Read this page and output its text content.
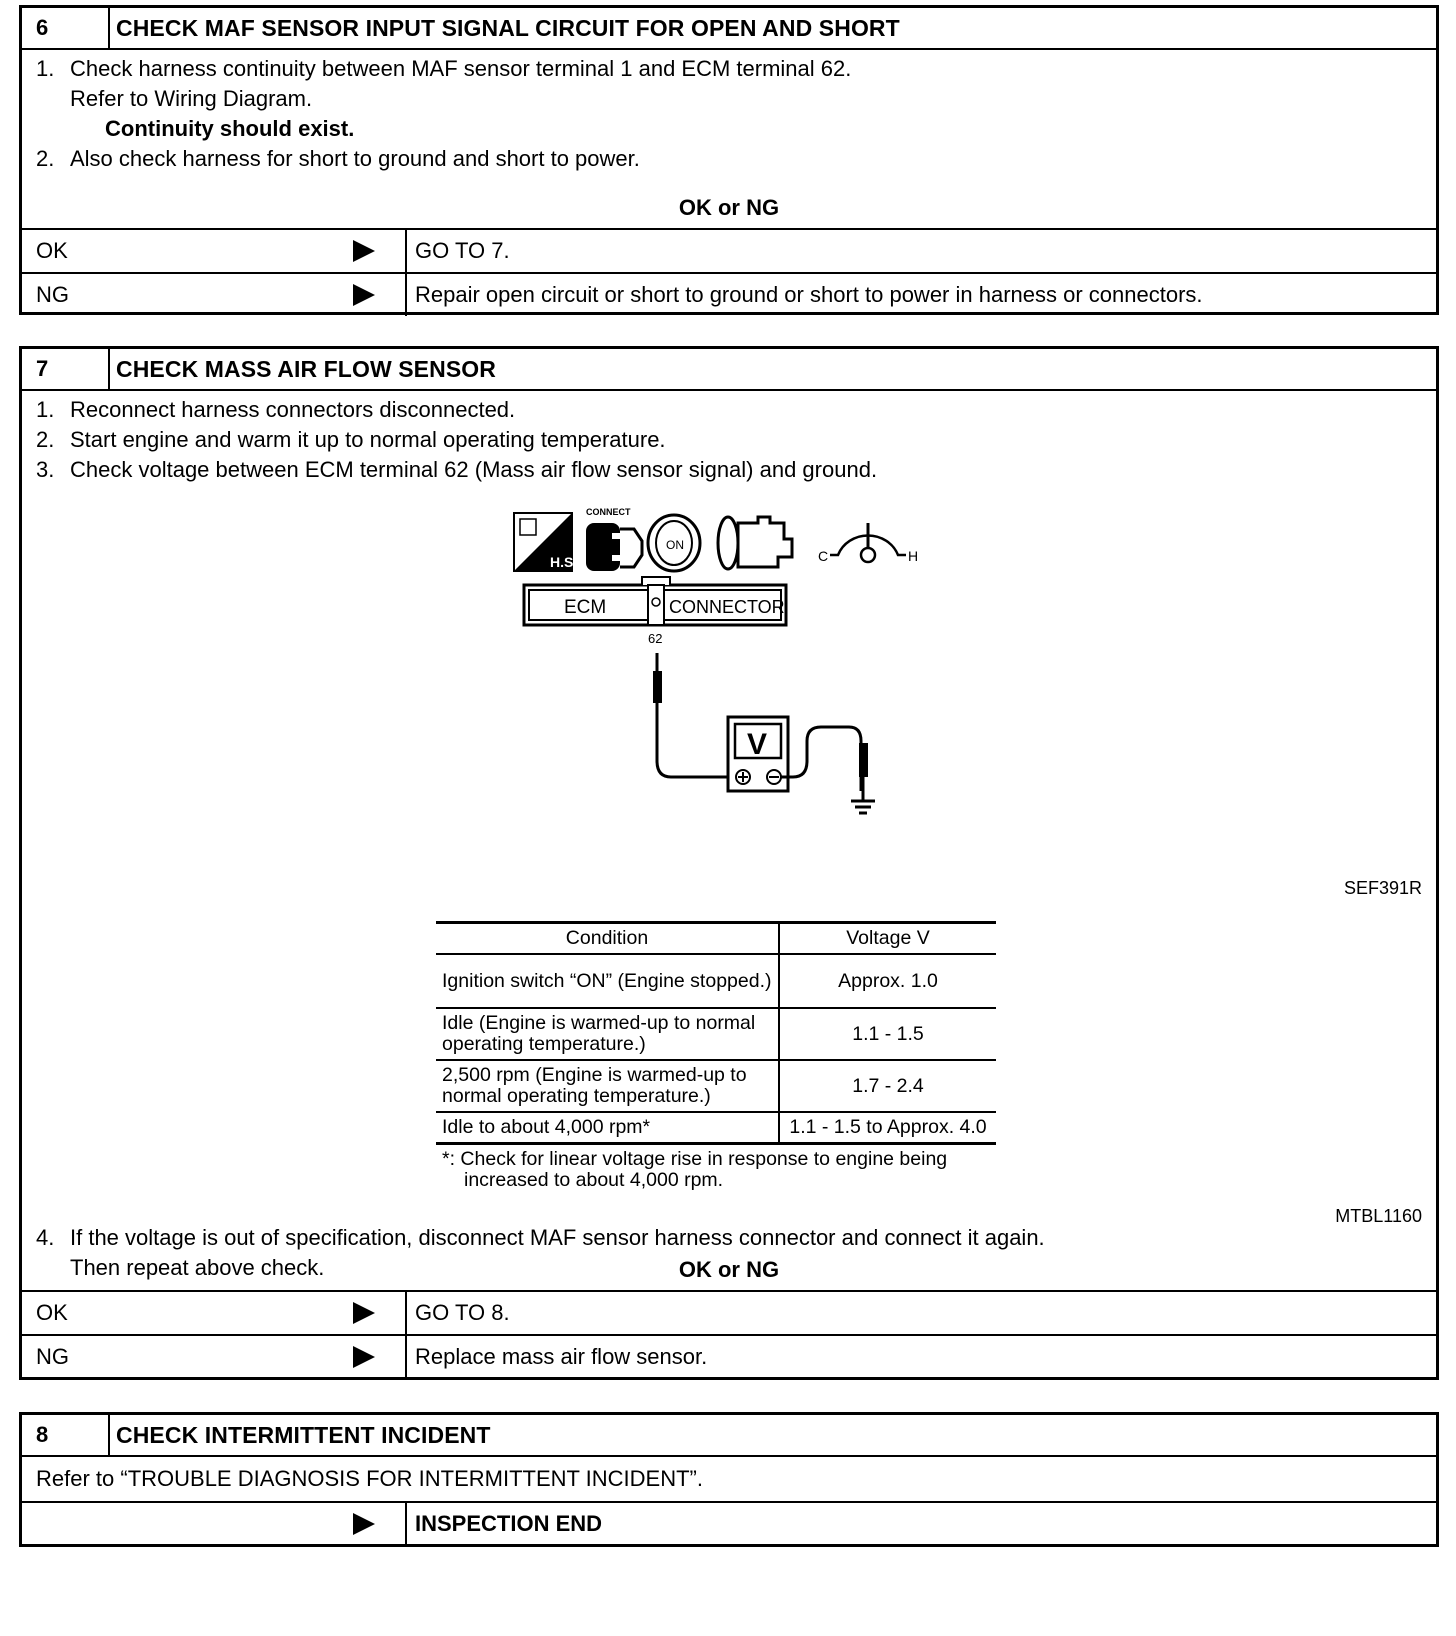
6	CHECK MAF SENSOR INPUT SIGNAL CIRCUIT FOR OPEN AND SHORT
1. Check harness continuity between MAF sensor terminal 1 and ECM terminal 62.
Refer to Wiring Diagram.
Continuity should exist.
2. Also check harness for short to ground and short to power.
OK or NG
OK	GO TO 7.
NG	Repair open circuit or short to ground or short to power in harness or connectors.
7	CHECK MASS AIR FLOW SENSOR
1. Reconnect harness connectors disconnected.
2. Start engine and warm it up to normal operating temperature.
3. Check voltage between ECM terminal 62 (Mass air flow sensor signal) and ground.
H.S.
CONNECT
ON
C	H
ECM	CONNECTOR
62
V
SEF391R
Condition	Voltage V
Ignition switch “ON” (Engine stopped.)	Approx. 1.0
Idle (Engine is warmed-up to normal operating temperature.)	1.1 - 1.5
2,500 rpm (Engine is warmed-up to normal operating temperature.)	1.7 - 2.4
Idle to about 4,000 rpm*	1.1 - 1.5 to Approx. 4.0
*: Check for linear voltage rise in response to engine being
increased to about 4,000 rpm.
MTBL1160
4. If the voltage is out of specification, disconnect MAF sensor harness connector and connect it again.
Then repeat above check.	OK or NG
OK	GO TO 8.
NG	Replace mass air flow sensor.
8	CHECK INTERMITTENT INCIDENT
Refer to “TROUBLE DIAGNOSIS FOR INTERMITTENT INCIDENT”.
INSPECTION END
